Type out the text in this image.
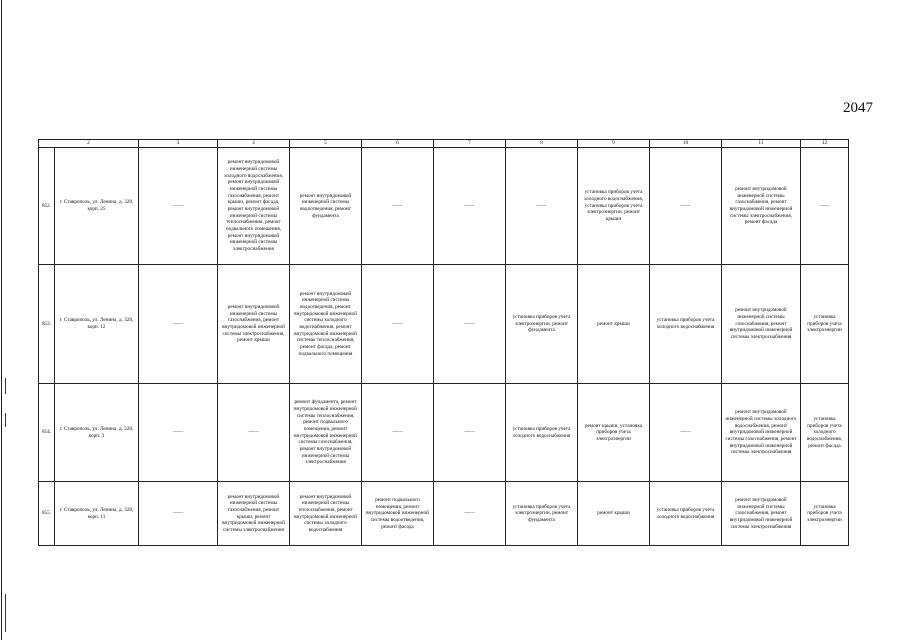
2047
2		3	4	5	6	7	8	9	10	11	12
852.	г. Ставрополь, ул. Ленина, д. 328, корп. 25	——	ремонт внутридомовой инженерной системы холодного водоснабжения, ремонт внутридомовой инженерной системы газоснабжения, ремонт крыши, ремонт фасада, ремонт внутридомовой инженерной системы теплоснабжения, ремонт подвального помещения, ремонт внутридомовой инженерной системы электроснабжения	ремонт внутридомовой инженерной системы водоотведения, ремонт фундамента	——	——	——	установка приборов учета холодного водоснабжения, установка приборов учета электроэнергии, ремонт крыши	——	ремонт внутридомовой инженерной системы газоснабжения, ремонт внутридомовой инженерной системы электроснабжения, ремонт фасада	——
853.	г. Ставрополь, ул. Ленина, д. 328, корп. 12	——	ремонт внутридомовой инженерной системы газоснабжения, ремонт внутридомовой инженерной системы электроснабжения, ремонт крыши	ремонт внутридомовой инженерной системы водоотведения, ремонт внутридомовой инженерной системы холодного водоснабжения, ремонт внутридомовой инженерной системы теплоснабжения, ремонт фасада, ремонт подвального помещения	——	——	установка приборов учета электроэнергии, ремонт фундамента	ремонт крыши	установка приборов учета холодного водоснабжения	ремонт внутридомовой инженерной системы газоснабжения, ремонт внутридомовой инженерной системы электроснабжения	установка приборов учета электроэнергии
854.	г. Ставрополь, ул. Ленина, д. 328, корп. 3	——	——	ремонт фундамента, ремонт внутридомовой инженерной системы теплоснабжения, ремонт подвального помещения, ремонт внутридомовой инженерной системы газоснабжения, ремонт внутридомовой инженерной системы электроснабжения	——	——	установка приборов учета холодного водоснабжения	ремонт крыши, установка приборов учета электроэнергии	——	ремонт внутридомовой инженерной системы холодного водоснабжения, ремонт внутридомовой инженерной системы газоснабжения, ремонт внутридомовой инженерной системы электроснабжения	установка приборов учета холодного водоснабжения, ремонт фасада
855.	г. Ставрополь, ул. Ленина, д. 328, корп. 11	——	ремонт внутридомовой инженерной системы газоснабжения, ремонт крыши, ремонт внутридомовой инженерной системы электроснабжения	ремонт внутридомовой инженерной системы теплоснабжения, ремонт внутридомовой инженерной системы холодного водоснабжения	ремонт подвального помещения, ремонт внутридомовой инженерной системы водоотведения, ремонт фасада	——	установка приборов учета электроэнергии, ремонт фундамента	ремонт крыши	установка приборов учета холодного водоснабжения	ремонт внутридомовой инженерной системы газоснабжения, ремонт внутридомовой инженерной системы электроснабжения	установка приборов учета электроэнергии
